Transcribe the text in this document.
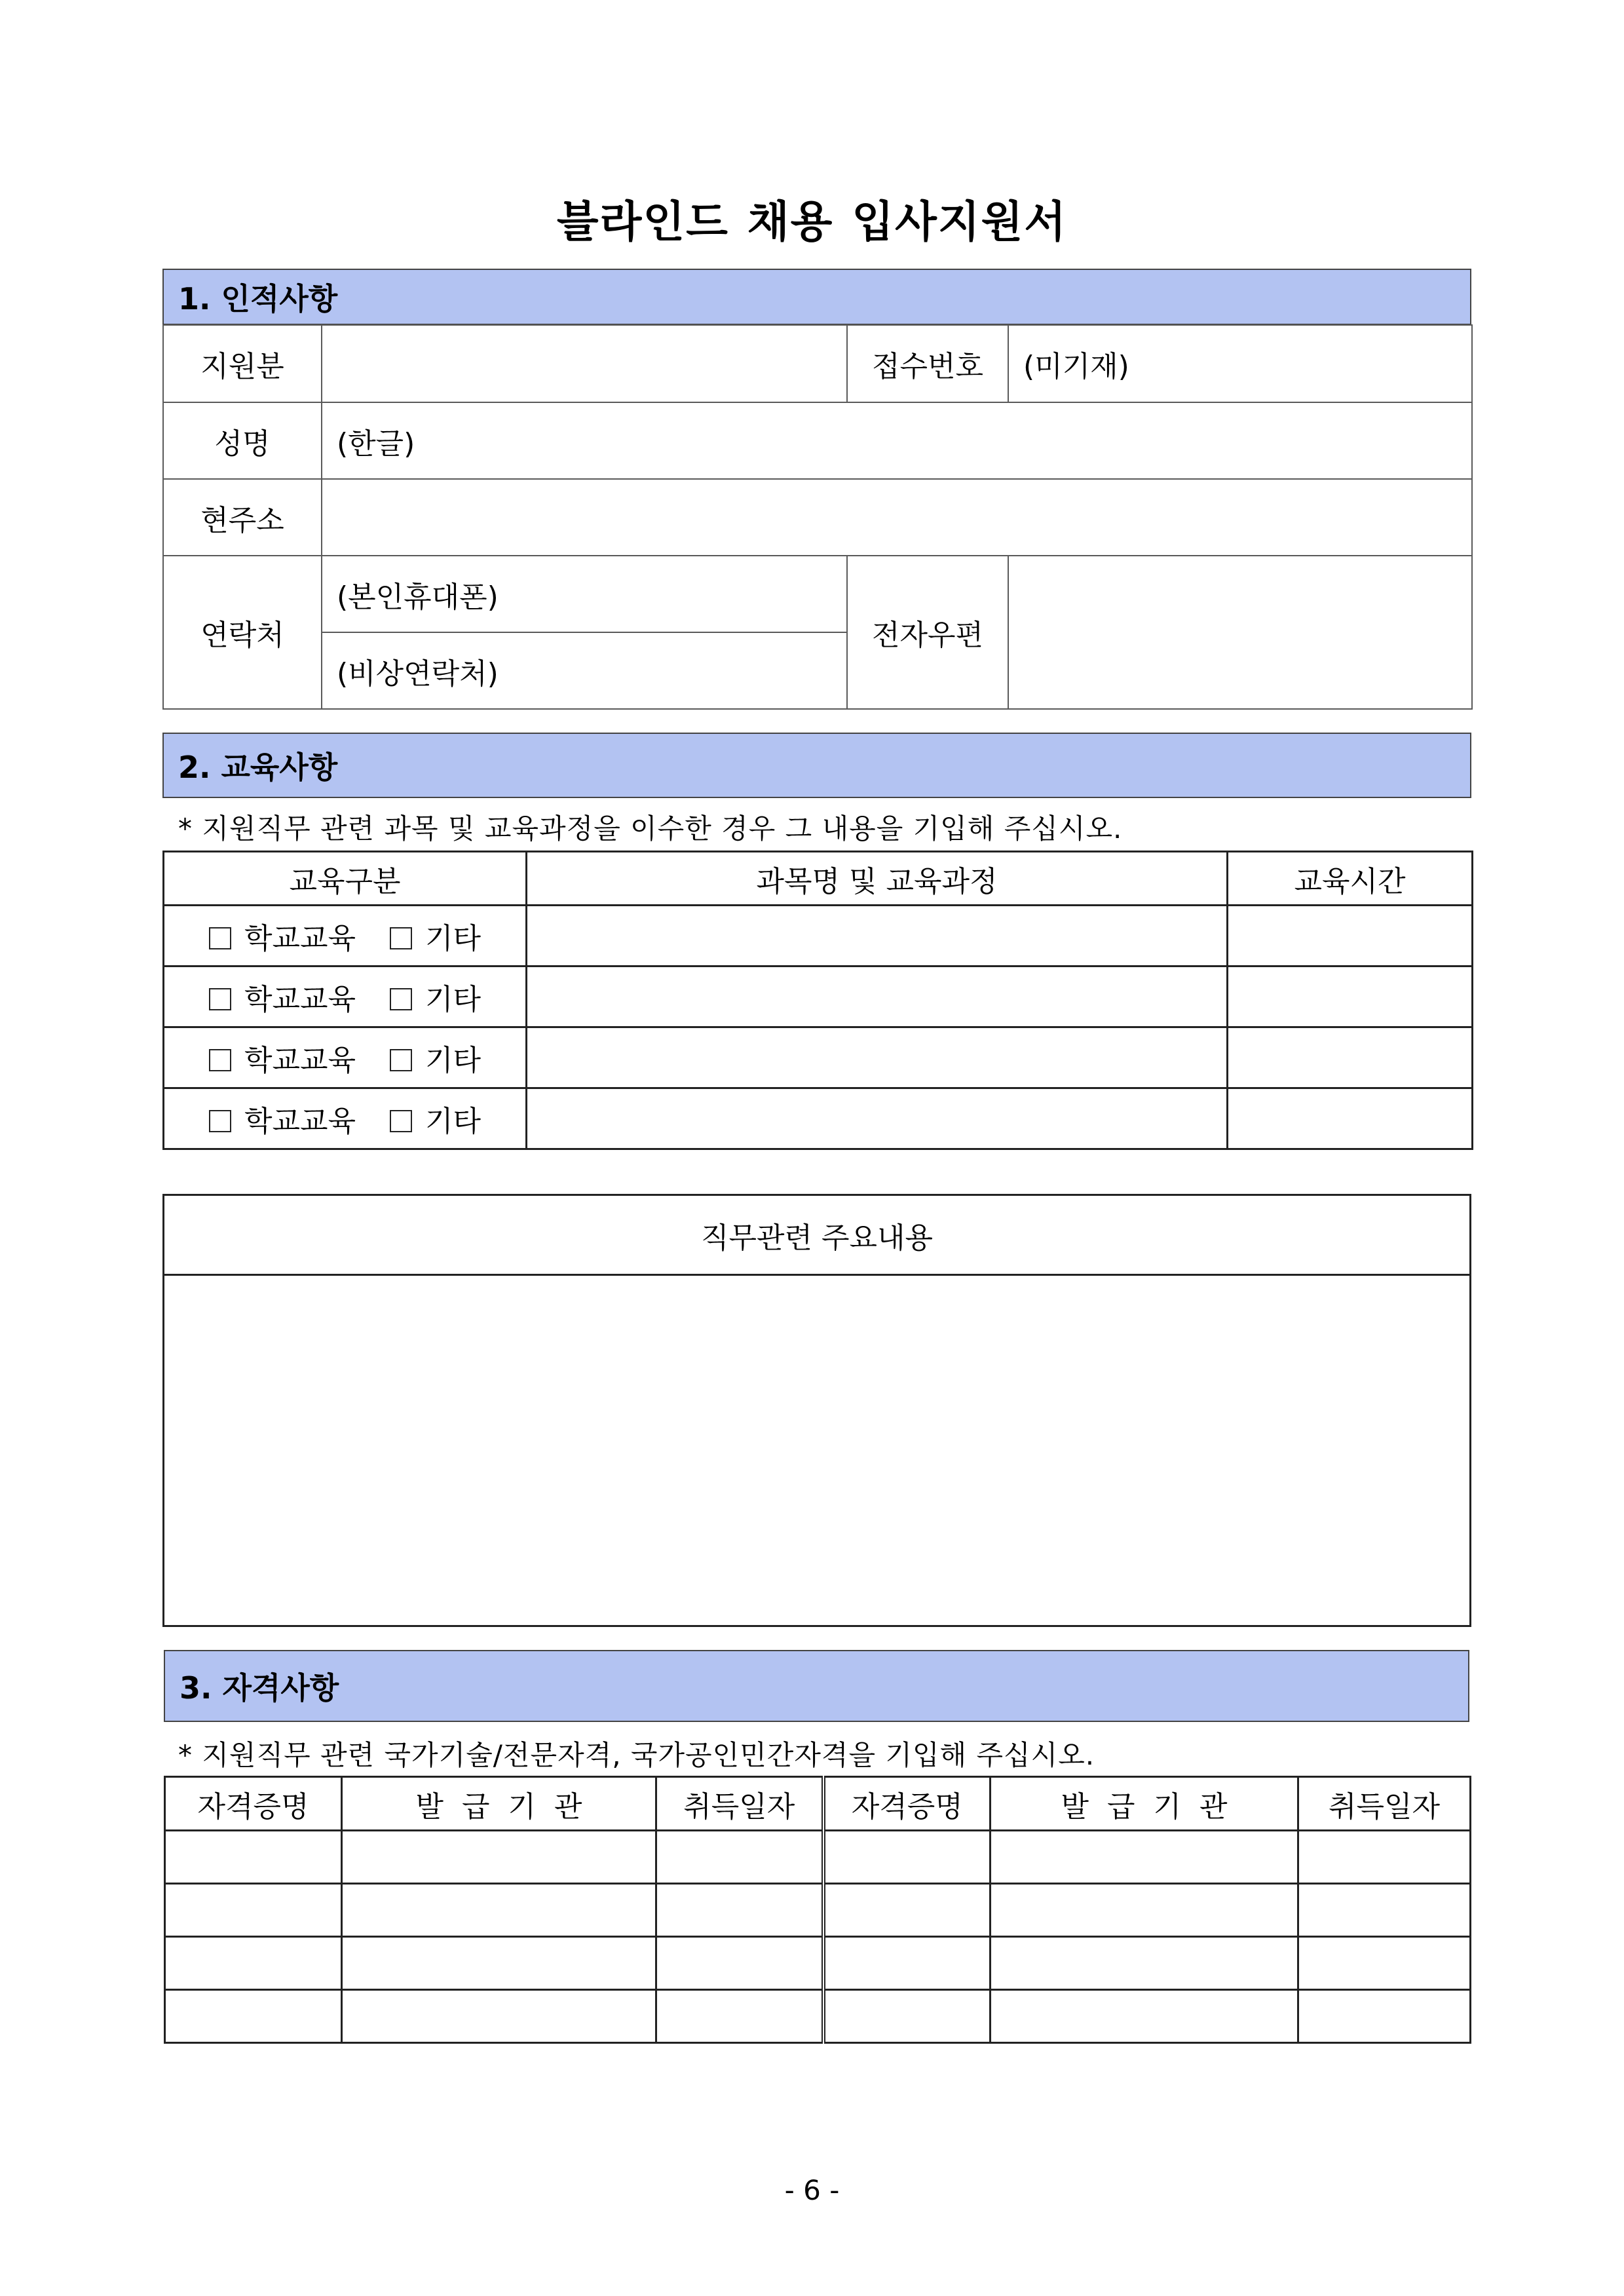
블라인드 채용 입사지원서
1. 인적사항
지원분		접수번호	(미기재)
성명	(한글)		
현주소			
연락처	(본인휴대폰)	전자우편	
	(비상연락처)		
2. 교육사항
* 지원직무 관련 과목 및 교육과정을 이수한 경우 그 내용을 기입해 주십시오.
교육구분	과목명 및 교육과정	교육시간
학교교육 기타		
학교교육 기타		
학교교육 기타		
학교교육 기타		
직무관련 주요내용

3. 자격사항
* 지원직무 관련 국가기술/전문자격, 국가공인민간자격을 기입해 주십시오.
자격증명	발 급 기 관	취득일자	자격증명	발 급 기 관	취득일자

- 6 -
